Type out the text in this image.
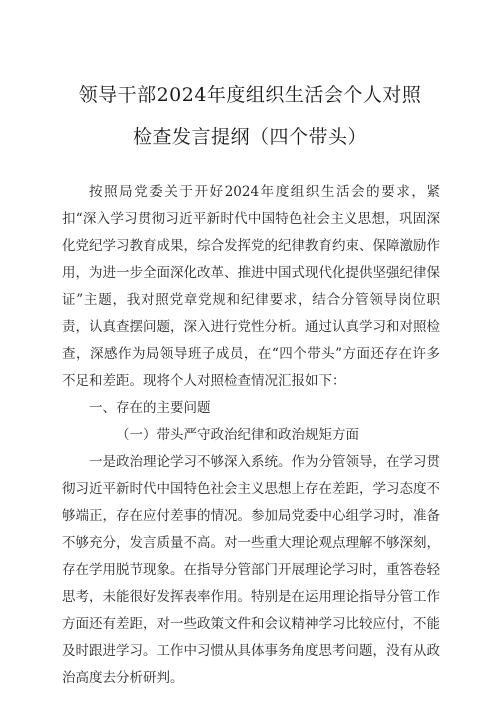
领导干部2024年度组织生活会个人对照
检查发言提纲（四个带头）

按照局党委关于开好2024年度组织生活会的要求，紧扣“深入学习贯彻习近平新时代中国特色社会主义思想，巩固深化党纪学习教育成果，综合发挥党的纪律教育约束、保障激励作用，为进一步全面深化改革、推进中国式现代化提供坚强纪律保证”主题，我对照党章党规和纪律要求，结合分管领导岗位职责，认真查摆问题，深入进行党性分析。通过认真学习和对照检查，深感作为局领导班子成员，在“四个带头”方面还存在许多不足和差距。现将个人对照检查情况汇报如下：

一、存在的主要问题

（一）带头严守政治纪律和政治规矩方面

一是政治理论学习不够深入系统。作为分管领导，在学习贯彻习近平新时代中国特色社会主义思想上存在差距，学习态度不够端正，存在应付差事的情况。参加局党委中心组学习时，准备不够充分，发言质量不高。对一些重大理论观点理解不够深刻，存在学用脱节现象。在指导分管部门开展理论学习时，重答卷轻思考，未能很好发挥表率作用。特别是在运用理论指导分管工作方面还有差距，对一些政策文件和会议精神学习比较应付，不能及时跟进学习。工作中习惯从具体事务角度思考问题，没有从政治高度去分析研判。
